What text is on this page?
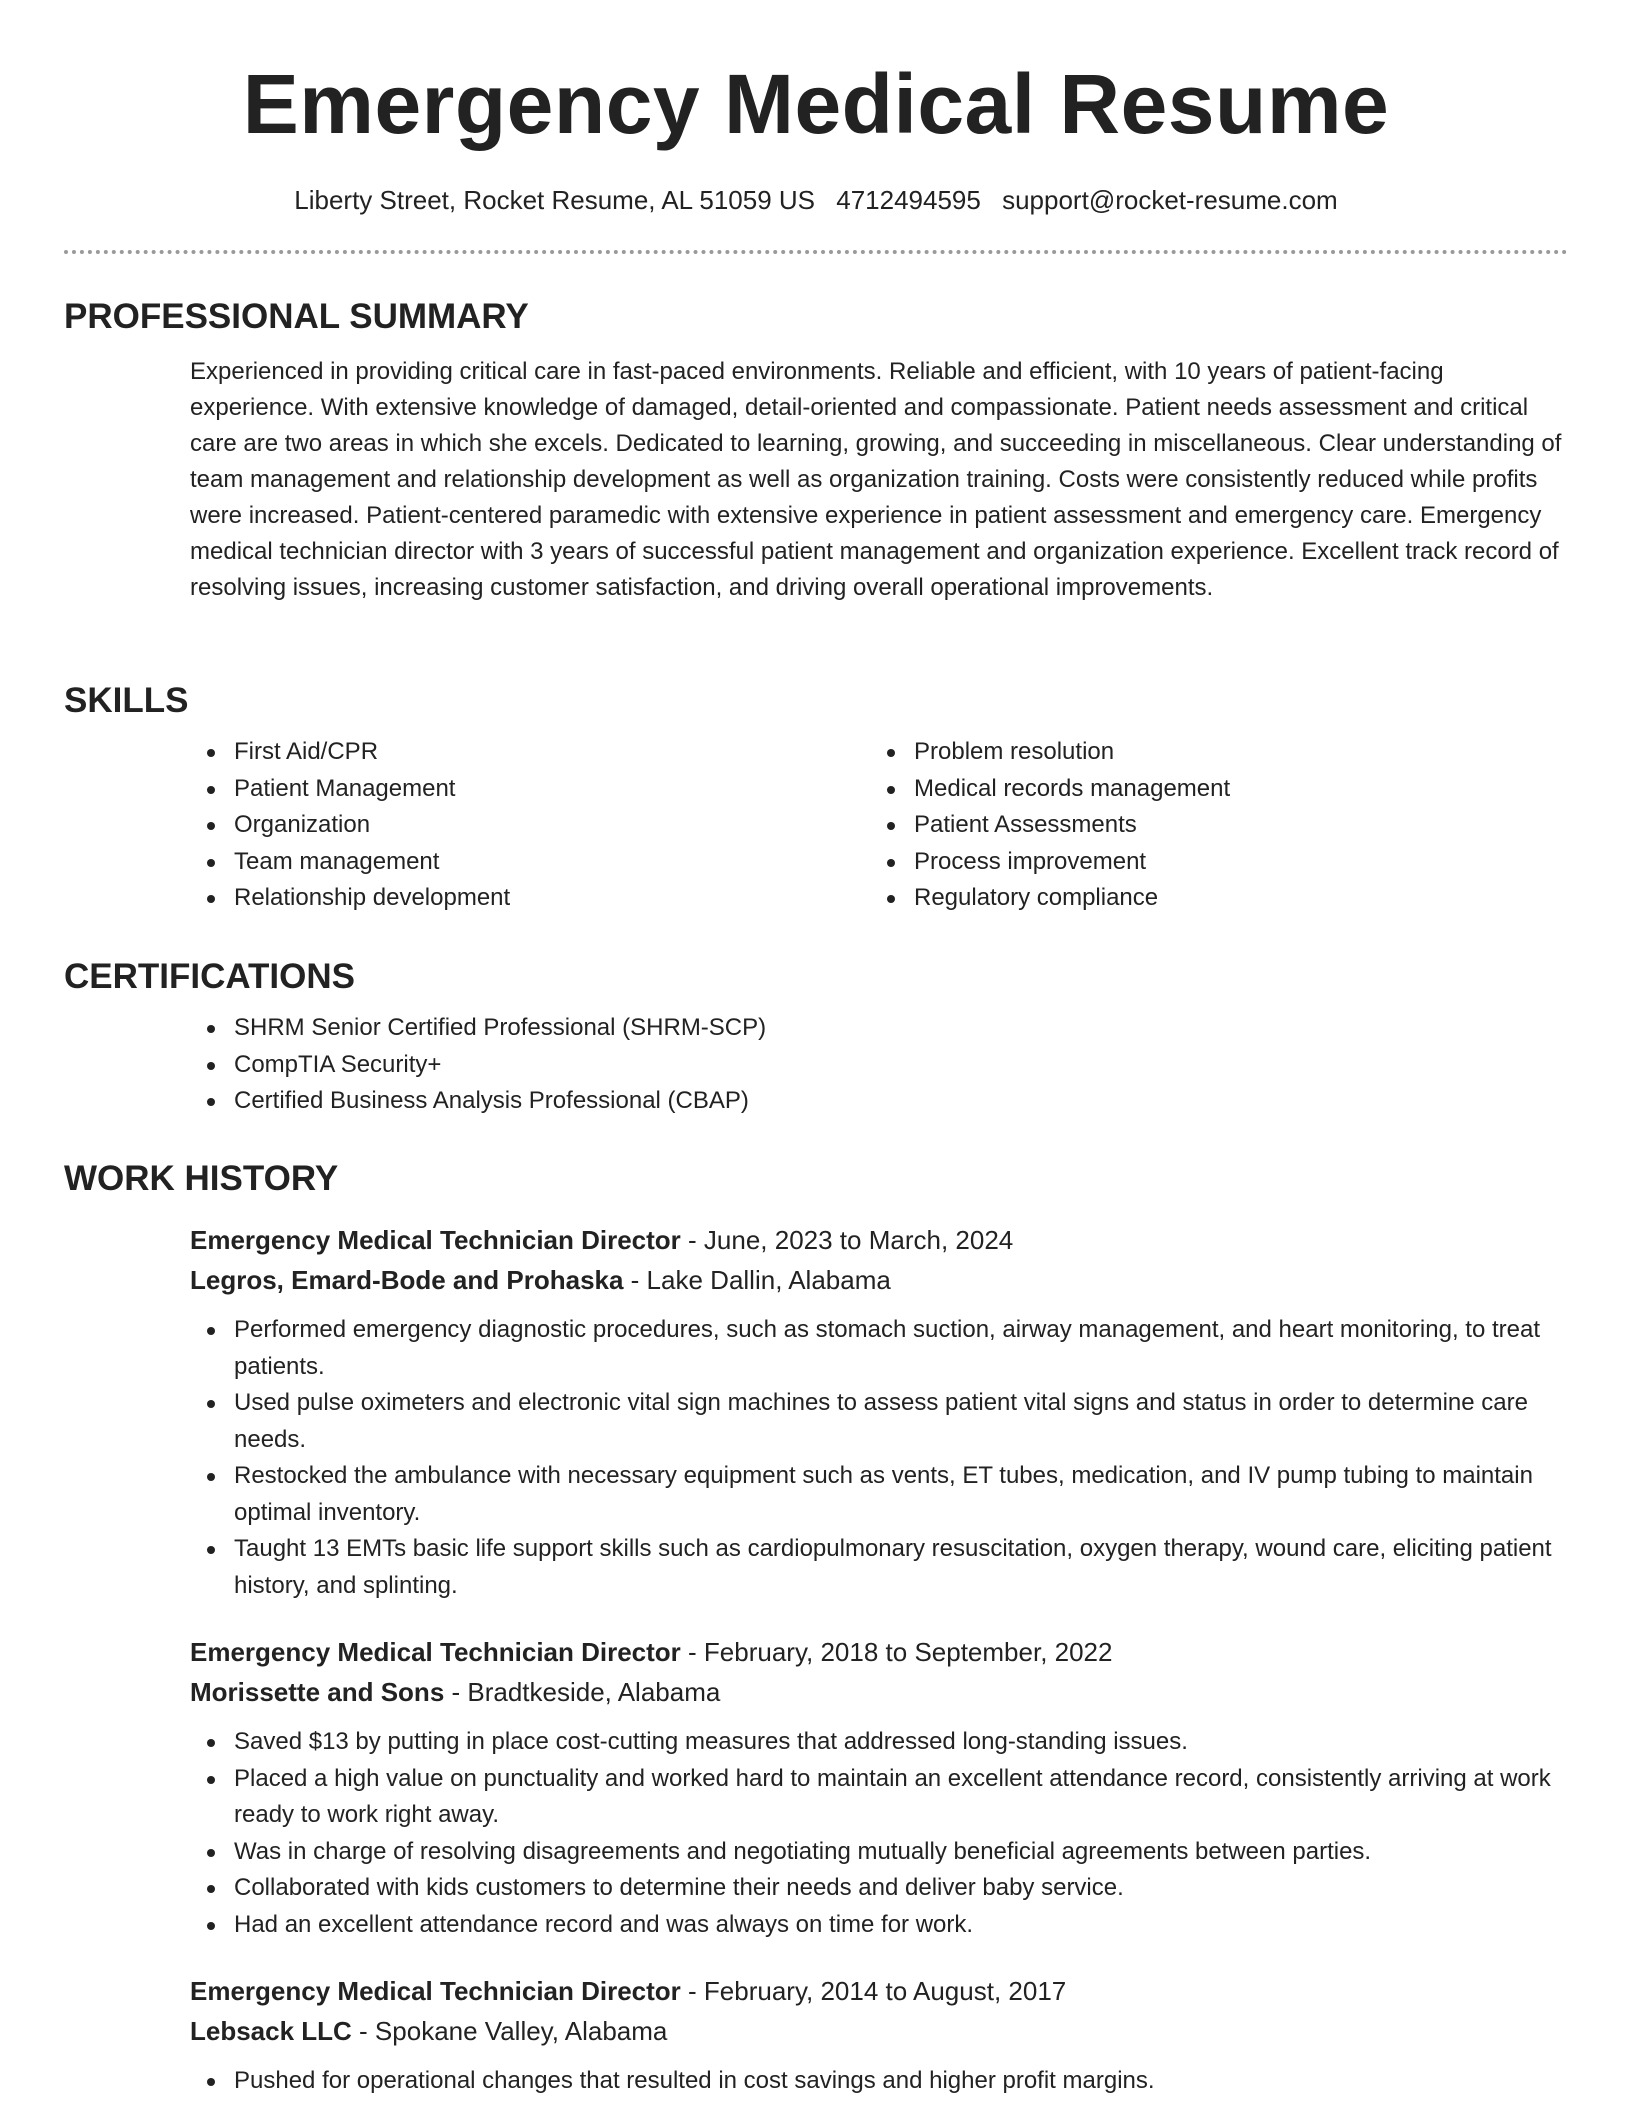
Emergency Medical Resume
Liberty Street, Rocket Resume, AL 51059 US 4712494595 support@rocket-resume.com
PROFESSIONAL SUMMARY

Experienced in providing critical care in fast-paced environments. Reliable and efficient, with 10 years of patient-facing experience. With extensive knowledge of damaged, detail-oriented and compassionate. Patient needs assessment and critical care are two areas in which she excels. Dedicated to learning, growing, and succeeding in miscellaneous. Clear understanding of team management and relationship development as well as organization training. Costs were consistently reduced while profits were increased. Patient-centered paramedic with extensive experience in patient assessment and emergency care. Emergency medical technician director with 3 years of successful patient management and organization experience. Excellent track record of resolving issues, increasing customer satisfaction, and driving overall operational improvements.

SKILLS
First Aid/CPR
Patient Management
Organization
Team management
Relationship development
Problem resolution
Medical records management
Patient Assessments
Process improvement
Regulatory compliance
CERTIFICATIONS
SHRM Senior Certified Professional (SHRM-SCP)
CompTIA Security+
Certified Business Analysis Professional (CBAP)
WORK HISTORY
Emergency Medical Technician Director - June, 2023 to March, 2024
Legros, Emard-Bode and Prohaska - Lake Dallin, Alabama
Performed emergency diagnostic procedures, such as stomach suction, airway management, and heart monitoring, to treat patients.
Used pulse oximeters and electronic vital sign machines to assess patient vital signs and status in order to determine care needs.
Restocked the ambulance with necessary equipment such as vents, ET tubes, medication, and IV pump tubing to maintain optimal inventory.
Taught 13 EMTs basic life support skills such as cardiopulmonary resuscitation, oxygen therapy, wound care, eliciting patient history, and splinting.
Emergency Medical Technician Director - February, 2018 to September, 2022
Morissette and Sons - Bradtkeside, Alabama
Saved $13 by putting in place cost-cutting measures that addressed long-standing issues.
Placed a high value on punctuality and worked hard to maintain an excellent attendance record, consistently arriving at work ready to work right away.
Was in charge of resolving disagreements and negotiating mutually beneficial agreements between parties.
Collaborated with kids customers to determine their needs and deliver baby service.
Had an excellent attendance record and was always on time for work.
Emergency Medical Technician Director - February, 2014 to August, 2017
Lebsack LLC - Spokane Valley, Alabama
Pushed for operational changes that resulted in cost savings and higher profit margins.
